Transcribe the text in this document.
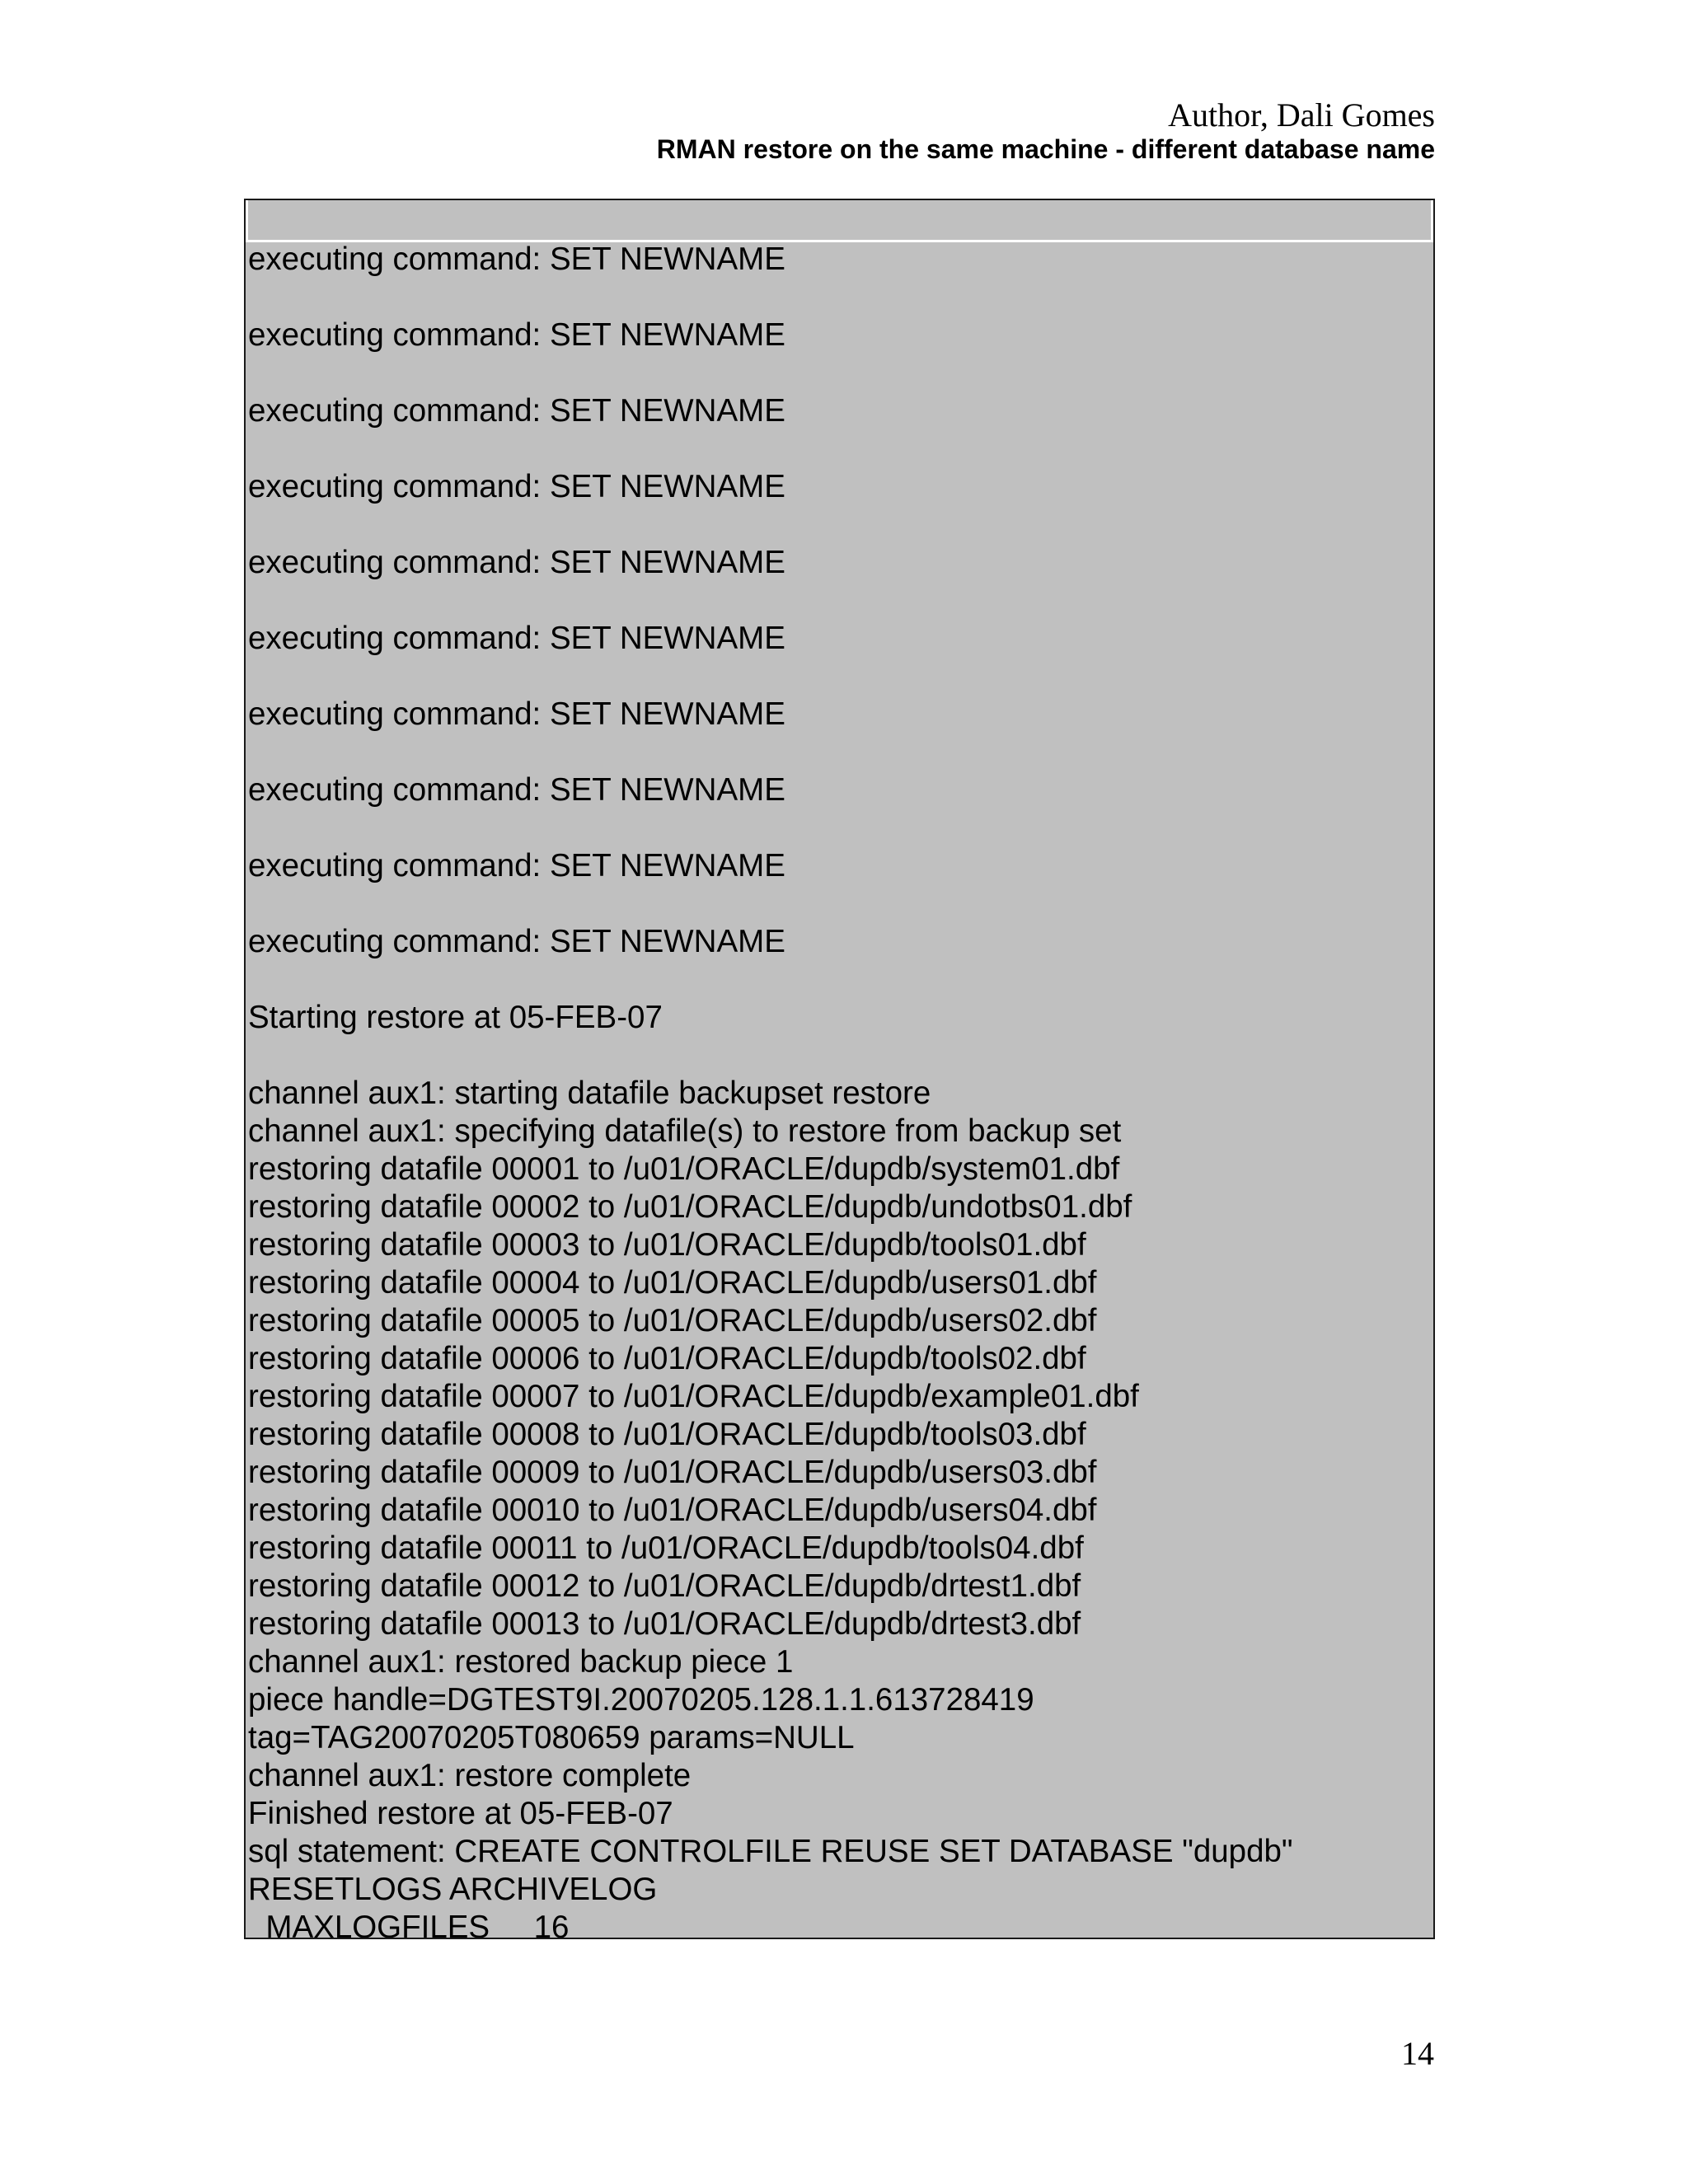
Author, Dali Gomes
RMAN restore on the same machine - different database name
executing command: SET NEWNAME
executing command: SET NEWNAME
executing command: SET NEWNAME
executing command: SET NEWNAME
executing command: SET NEWNAME
executing command: SET NEWNAME
executing command: SET NEWNAME
executing command: SET NEWNAME
executing command: SET NEWNAME
executing command: SET NEWNAME
Starting restore at 05-FEB-07
channel aux1: starting datafile backupset restore
channel aux1: specifying datafile(s) to restore from backup set
restoring datafile 00001 to /u01/ORACLE/dupdb/system01.dbf
restoring datafile 00002 to /u01/ORACLE/dupdb/undotbs01.dbf
restoring datafile 00003 to /u01/ORACLE/dupdb/tools01.dbf
restoring datafile 00004 to /u01/ORACLE/dupdb/users01.dbf
restoring datafile 00005 to /u01/ORACLE/dupdb/users02.dbf
restoring datafile 00006 to /u01/ORACLE/dupdb/tools02.dbf
restoring datafile 00007 to /u01/ORACLE/dupdb/example01.dbf
restoring datafile 00008 to /u01/ORACLE/dupdb/tools03.dbf
restoring datafile 00009 to /u01/ORACLE/dupdb/users03.dbf
restoring datafile 00010 to /u01/ORACLE/dupdb/users04.dbf
restoring datafile 00011 to /u01/ORACLE/dupdb/tools04.dbf
restoring datafile 00012 to /u01/ORACLE/dupdb/drtest1.dbf
restoring datafile 00013 to /u01/ORACLE/dupdb/drtest3.dbf
channel aux1: restored backup piece 1
piece handle=DGTEST9I.20070205.128.1.1.613728419
tag=TAG20070205T080659 params=NULL
channel aux1: restore complete
Finished restore at 05-FEB-07
sql statement: CREATE CONTROLFILE REUSE SET DATABASE "dupdb"
RESETLOGS ARCHIVELOG
MAXLOGFILES     16
14
